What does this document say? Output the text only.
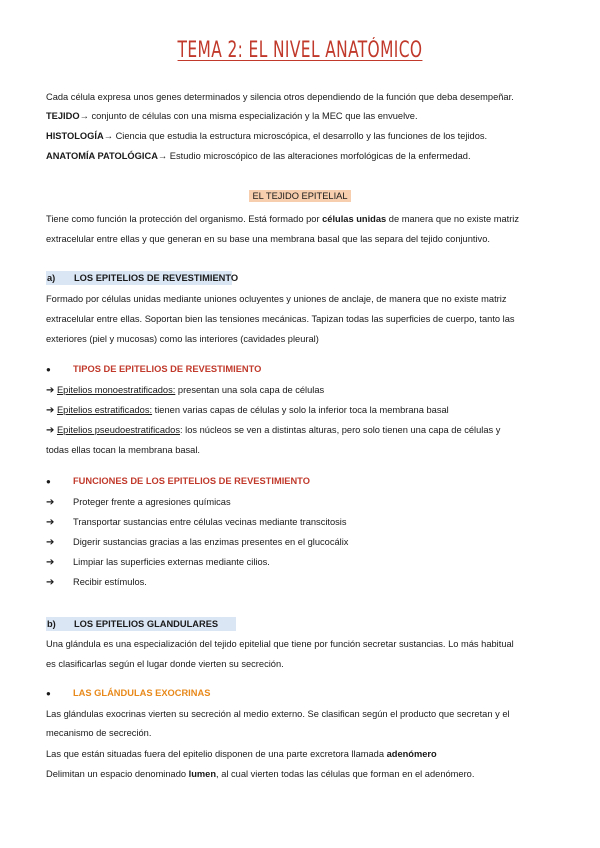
TEMA 2: EL NIVEL ANATÓMICO
Cada célula expresa unos genes determinados y silencia otros dependiendo de la función que deba desempeñar.
TEJIDO→ conjunto de células con una misma especialización y la MEC que las envuelve.
HISTOLOGÍA→ Ciencia que estudia la estructura microscópica, el desarrollo y las funciones de los tejidos.
ANATOMÍA PATOLÓGICA→ Estudio microscópico de las alteraciones morfológicas de la enfermedad.
EL TEJIDO EPITELIAL
Tiene como función la protección del organismo. Está formado por células unidas de manera que no existe matriz
extracelular entre ellas y que generan en su base una membrana basal que las separa del tejido conjuntivo.
a) LOS EPITELIOS DE REVESTIMIENTO
Formado por células unidas mediante uniones ocluyentes y uniones de anclaje, de manera que no existe matriz
extracelular entre ellas. Soportan bien las tensiones mecánicas. Tapizan todas las superficies de cuerpo, tanto las
exteriores (piel y mucosas) como las interiores (cavidades pleural)
● TIPOS DE EPITELIOS DE REVESTIMIENTO
➔ Epitelios monoestratificados: presentan una sola capa de células
➔ Epitelios estratificados: tienen varias capas de células y solo la inferior toca la membrana basal
➔ Epitelios pseudoestratificados: los núcleos se ven a distintas alturas, pero solo tienen una capa de células y
todas ellas tocan la membrana basal.
● FUNCIONES DE LOS EPITELIOS DE REVESTIMIENTO
➔ Proteger frente a agresiones químicas
➔ Transportar sustancias entre células vecinas mediante transcitosis
➔ Digerir sustancias gracias a las enzimas presentes en el glucocálix
➔ Limpiar las superficies externas mediante cilios.
➔ Recibir estímulos.
b) LOS EPITELIOS GLANDULARES
Una glándula es una especialización del tejido epitelial que tiene por función secretar sustancias. Lo más habitual
es clasificarlas según el lugar donde vierten su secreción.
● LAS GLÁNDULAS EXOCRINAS
Las glándulas exocrinas vierten su secreción al medio externo. Se clasifican según el producto que secretan y el
mecanismo de secreción.
Las que están situadas fuera del epitelio disponen de una parte excretora llamada adenómero
Delimitan un espacio denominado lumen, al cual vierten todas las células que forman en el adenómero.
